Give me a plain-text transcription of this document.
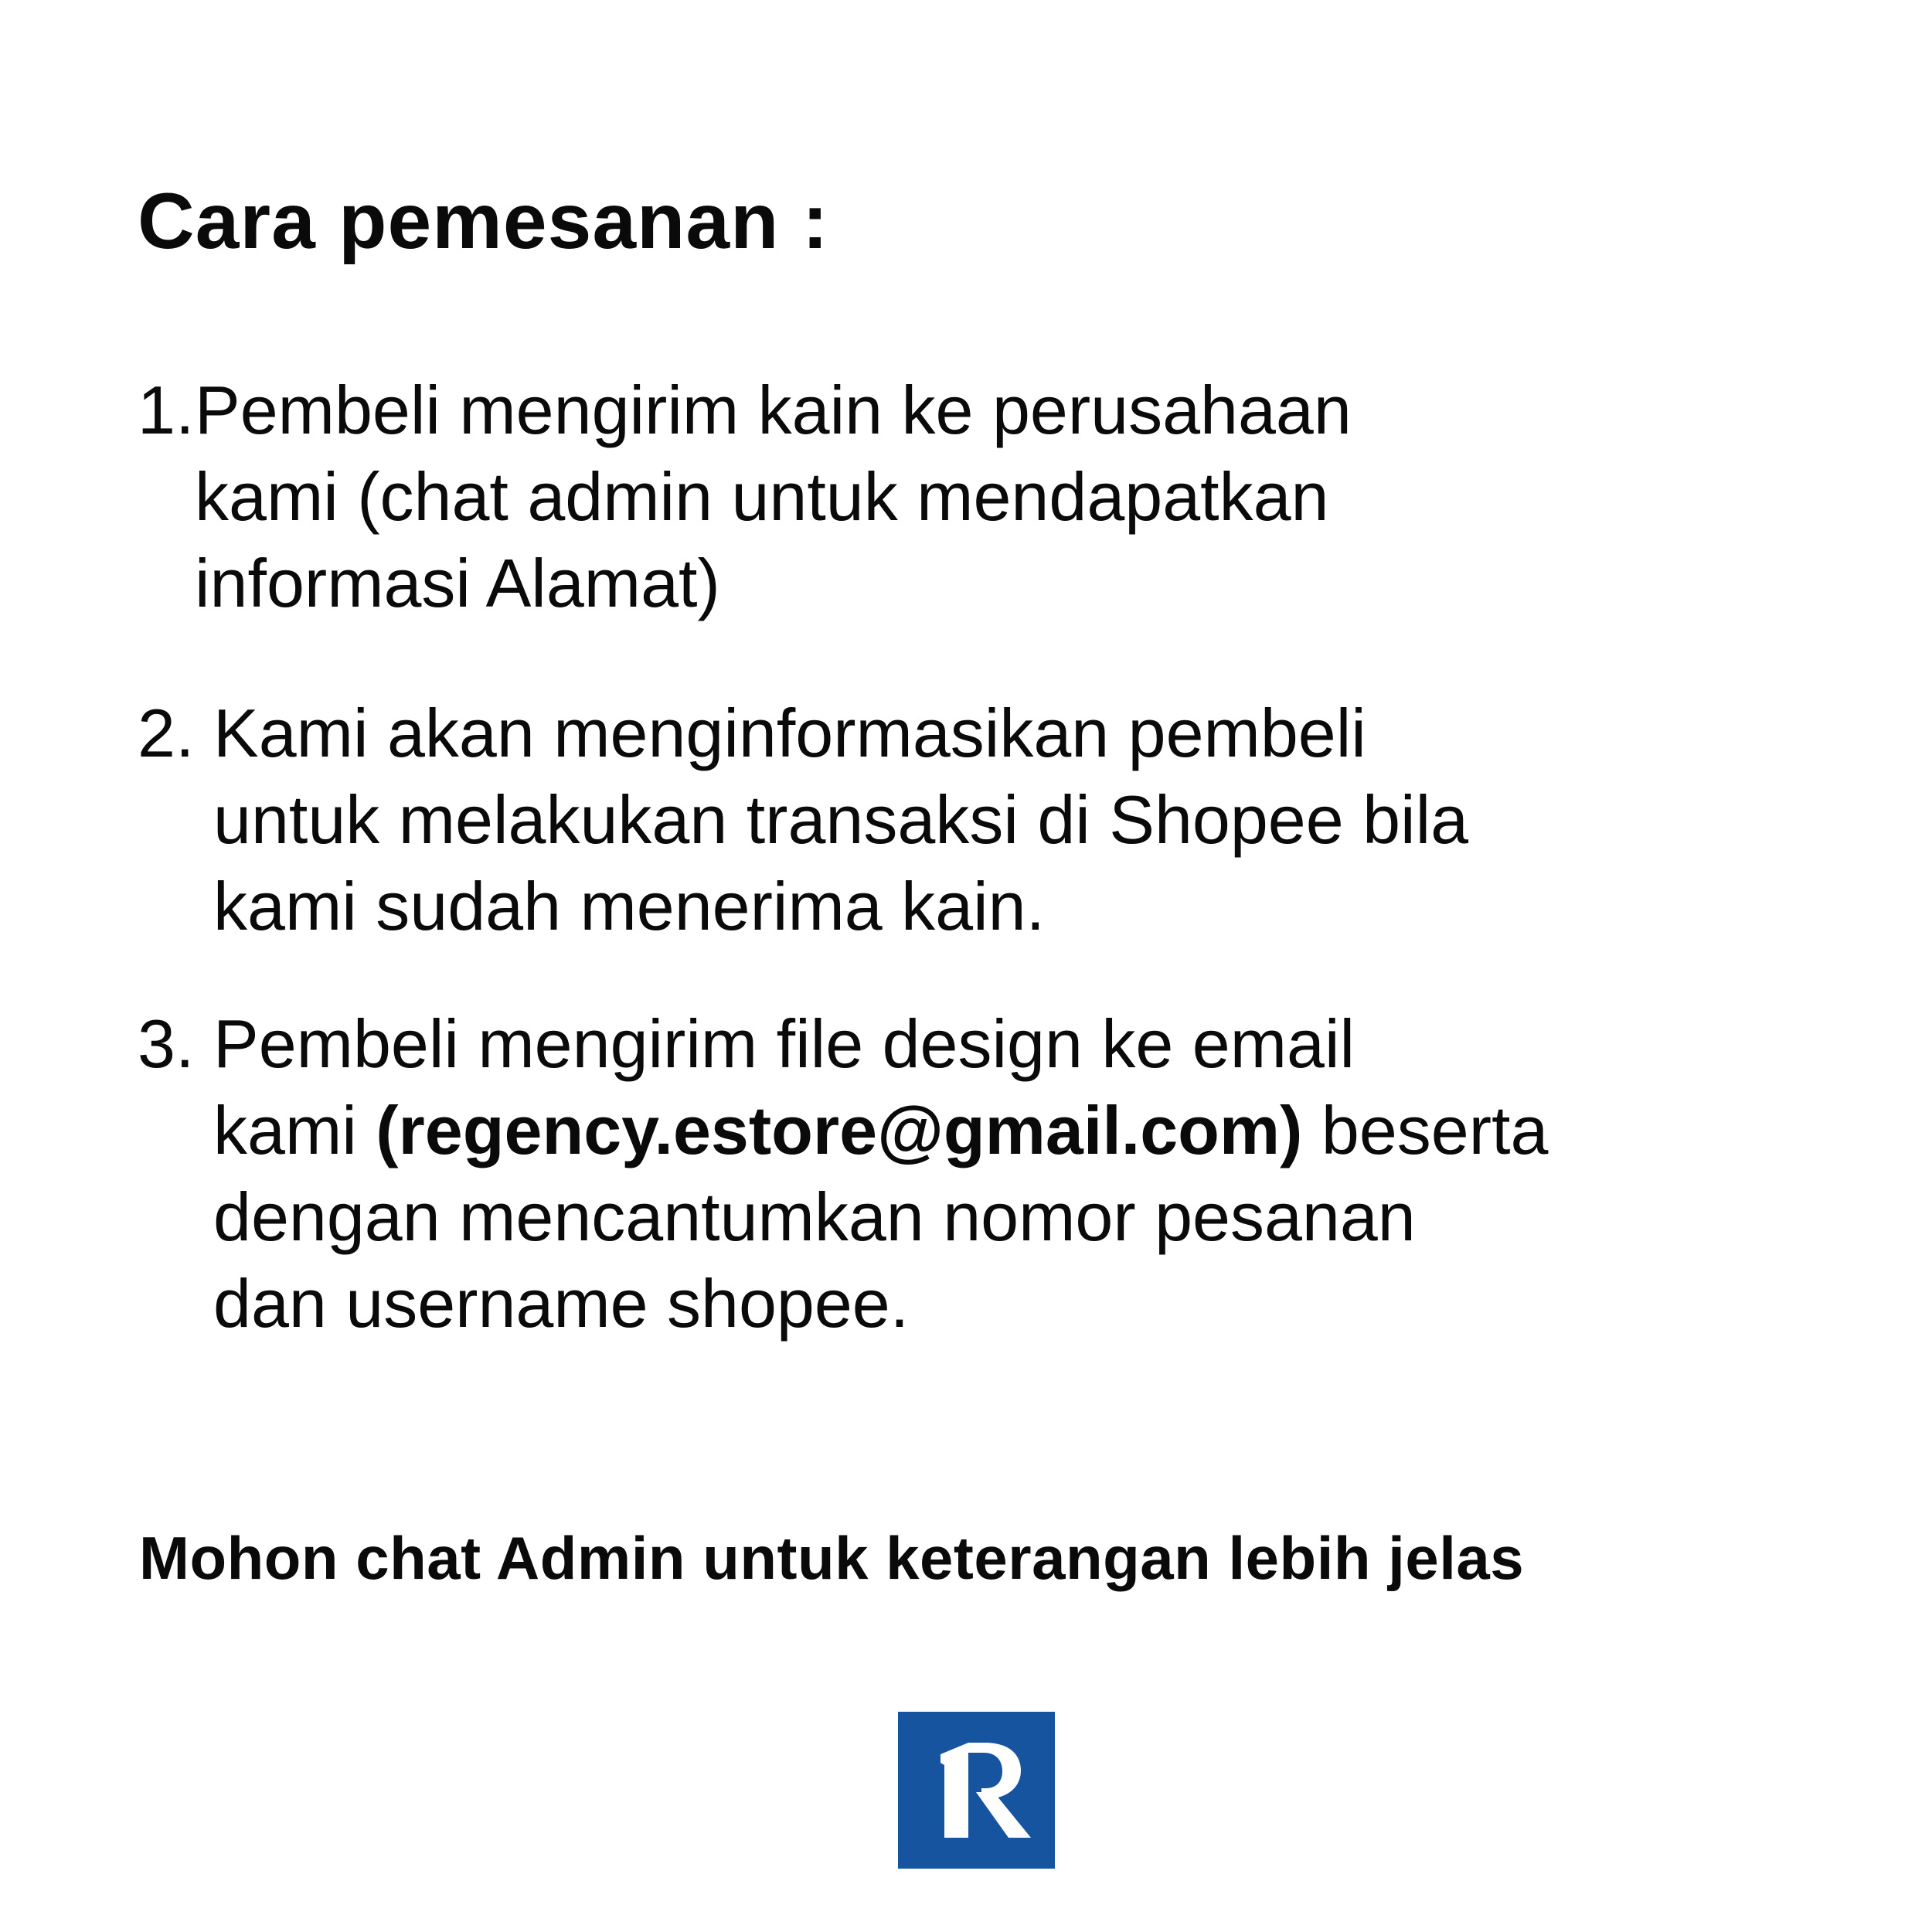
Cara pemesanan :
1. Pembeli mengirim kain ke perusahaan
kami (chat admin untuk mendapatkan
informasi Alamat)
2. Kami akan menginformasikan pembeli
untuk melakukan transaksi di Shopee bila
kami sudah menerima kain.
3. Pembeli mengirim file design ke email
kami (regency.estore@gmail.com) beserta
dengan mencantumkan nomor pesanan
dan username shopee.

Mohon chat Admin untuk keterangan lebih jelas
